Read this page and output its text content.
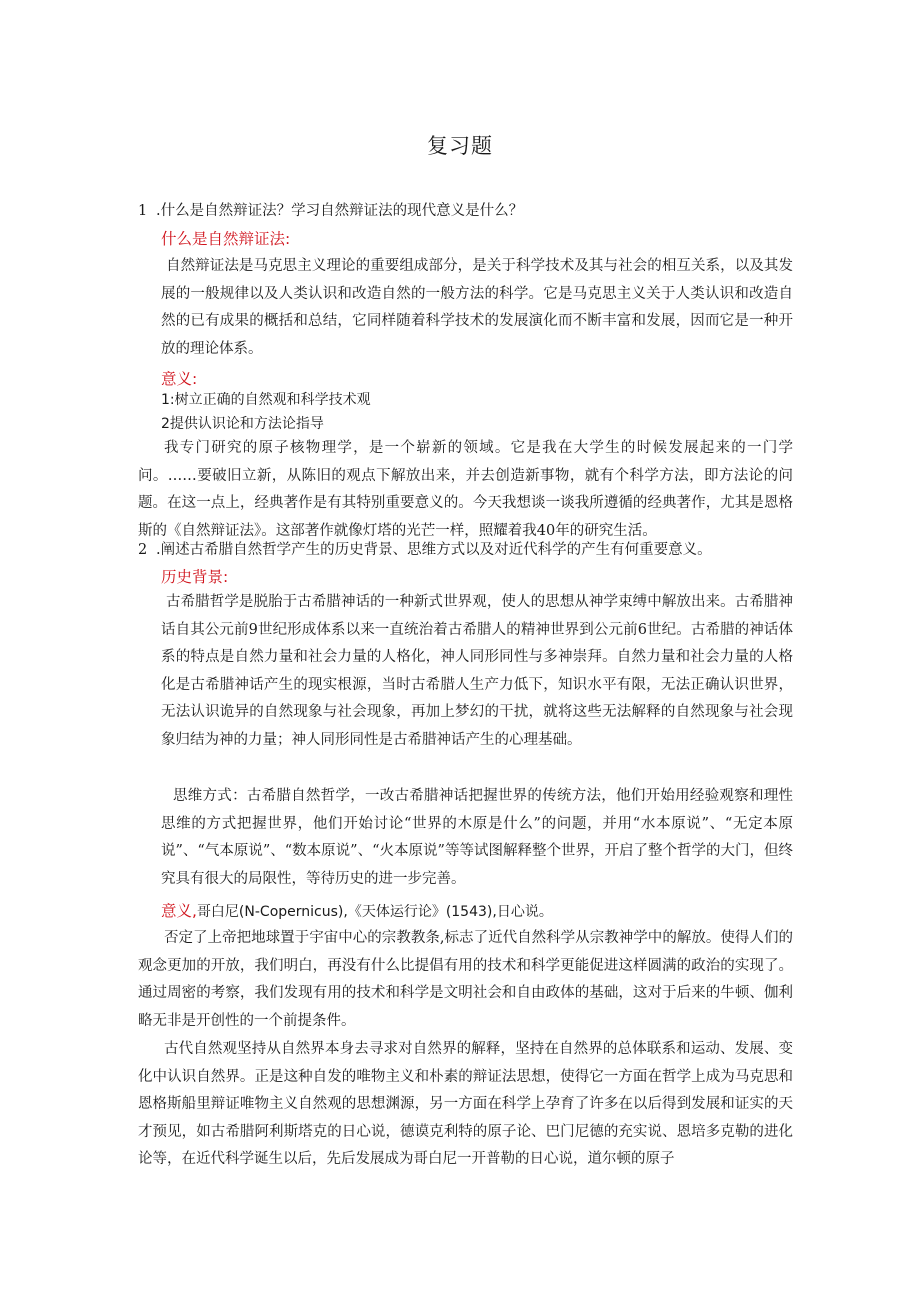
复习题
1 .什么是自然辩证法？学习自然辩证法的现代意义是什么？
什么是自然辩证法:
自然辩证法是马克思主义理论的重要组成部分，是关于科学技术及其与社会的相互关系，以及其发展的一般规律以及人类认识和改造自然的一般方法的科学。它是马克思主义关于人类认识和改造自然的已有成果的概括和总结，它同样随着科学技术的发展演化而不断丰富和发展，因而它是一种开放的理论体系。
意义:
1:树立正确的自然观和科学技术观
2提供认识论和方法论指导
我专门研究的原子核物理学，是一个崭新的领域。它是我在大学生的时候发展起来的一门学问。……要破旧立新，从陈旧的观点下解放出来，并去创造新事物，就有个科学方法，即方法论的问题。在这一点上，经典著作是有其特别重要意义的。今天我想谈一谈我所遵循的经典著作，尤其是恩格斯的《自然辩证法》。这部著作就像灯塔的光芒一样，照耀着我40年的研究生活。
2 .阐述古希腊自然哲学产生的历史背景、思维方式以及对近代科学的产生有何重要意义。
历史背景:
古希腊哲学是脱胎于古希腊神话的一种新式世界观，使人的思想从神学束缚中解放出来。古希腊神话自其公元前9世纪形成体系以来一直统治着古希腊人的精神世界到公元前6世纪。古希腊的神话体系的特点是自然力量和社会力量的人格化，神人同形同性与多神崇拜。自然力量和社会力量的人格化是古希腊神话产生的现实根源，当时古希腊人生产力低下，知识水平有限，无法正确认识世界，无法认识诡异的自然现象与社会现象，再加上梦幻的干扰，就将这些无法解释的自然现象与社会现象归结为神的力量；神人同形同性是古希腊神话产生的心理基础。
思维方式：古希腊自然哲学，一改古希腊神话把握世界的传统方法，他们开始用经验观察和理性思维的方式把握世界，他们开始讨论“世界的木原是什么”的问题，并用“水本原说”、“无定本原说”、“气本原说”、“数本原说”、“火本原说”等等试图解释整个世界，开启了整个哲学的大门，但终究具有很大的局限性，等待历史的进一步完善。
意义,哥白尼(N-Copernicus),《天体运行论》(1543),日心说。
否定了上帝把地球置于宇宙中心的宗教教条,标志了近代自然科学从宗教神学中的解放。使得人们的观念更加的开放，我们明白，再没有什么比提倡有用的技术和科学更能促进这样圆满的政治的实现了。通过周密的考察，我们发现有用的技术和科学是文明社会和自由政体的基础，这对于后来的牛顿、伽利略无非是开创性的一个前提条件。
古代自然观坚持从自然界本身去寻求对自然界的解释，坚持在自然界的总体联系和运动、发展、变化中认识自然界。正是这种自发的唯物主义和朴素的辩证法思想，使得它一方面在哲学上成为马克思和恩格斯船里辩证唯物主义自然观的思想渊源，另一方面在科学上孕育了许多在以后得到发展和证实的天才预见，如古希腊阿利斯塔克的日心说，德谟克利特的原子论、巴门尼德的充实说、恩培多克勒的进化论等，在近代科学诞生以后，先后发展成为哥白尼一开普勒的日心说，道尔顿的原子
